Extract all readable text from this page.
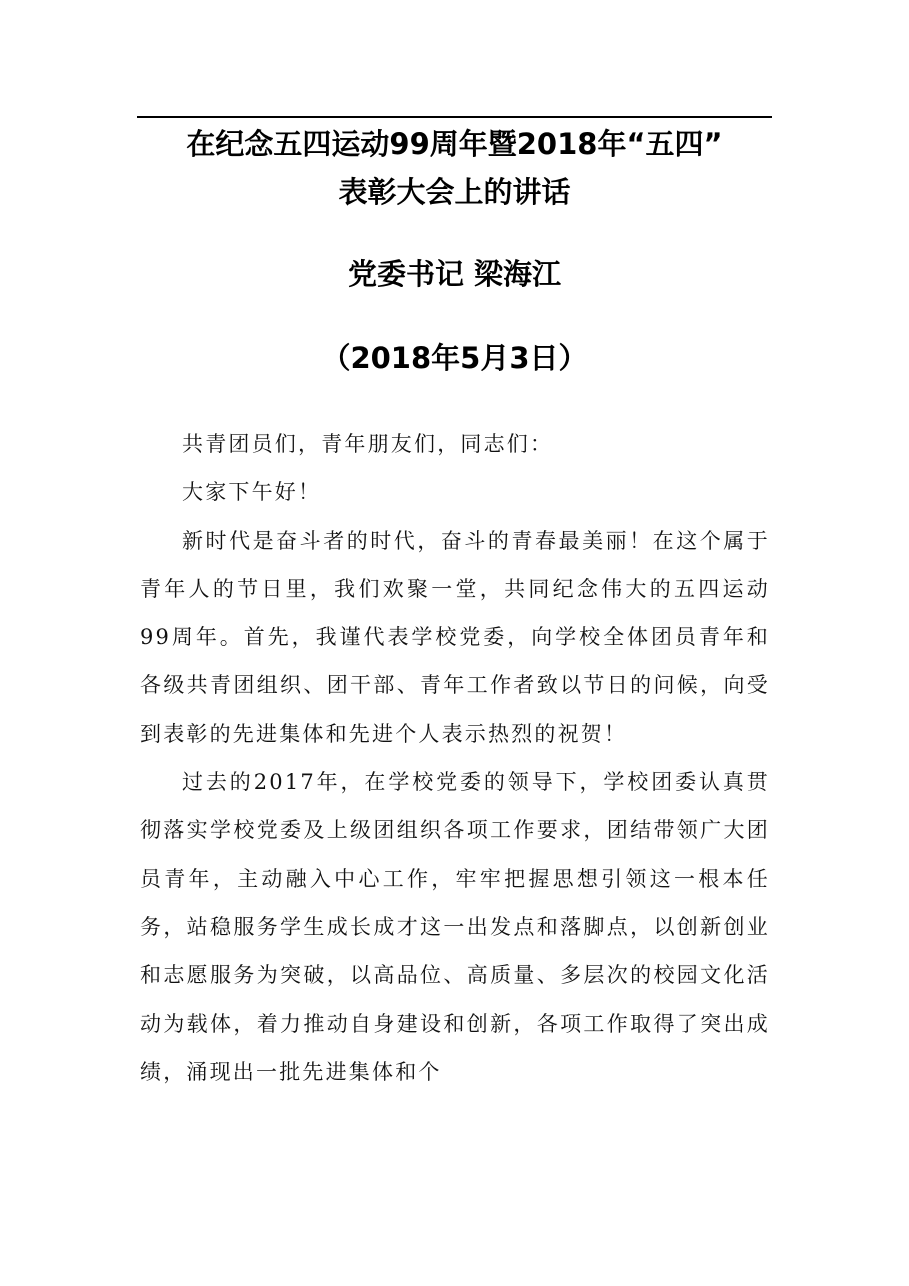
在纪念五四运动99周年暨2018年“五四”
表彰大会上的讲话
党委书记 梁海江
（2018年5月3日）

共青团员们，青年朋友们，同志们：

大家下午好！

新时代是奋斗者的时代，奋斗的青春最美丽！在这个属于青年人的节日里，我们欢聚一堂，共同纪念伟大的五四运动99周年。首先，我谨代表学校党委，向学校全体团员青年和各级共青团组织、团干部、青年工作者致以节日的问候，向受到表彰的先进集体和先进个人表示热烈的祝贺！

过去的2017年，在学校党委的领导下，学校团委认真贯彻落实学校党委及上级团组织各项工作要求，团结带领广大团员青年，主动融入中心工作，牢牢把握思想引领这一根本任务，站稳服务学生成长成才这一出发点和落脚点，以创新创业和志愿服务为突破，以高品位、高质量、多层次的校园文化活动为载体，着力推动自身建设和创新，各项工作取得了突出成绩，涌现出一批先进集体和个
